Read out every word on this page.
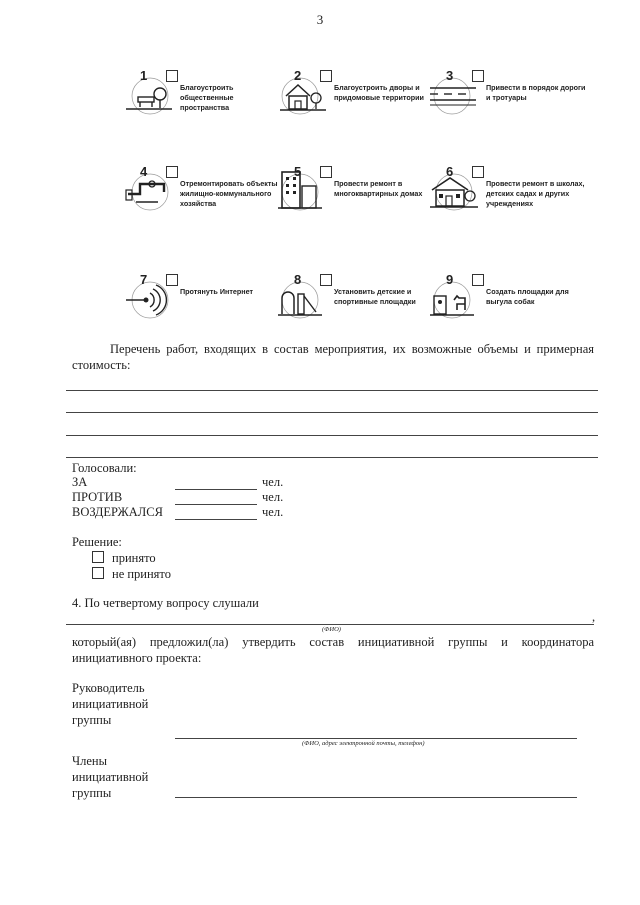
3
1
Благоустроить общественные пространства
2
Благоустроить дворы и придомовые территории
3
Привести в порядок дороги и тротуары
4
Отремонтировать объекты жилищно-коммунального хозяйства
5
Провести ремонт в многоквартирных домах
6
Провести ремонт в школах, детских садах и других учреждениях
7
Протянуть Интернет
8
Установить детские и спортивные площадки
9
Создать площадки для выгула собак
Перечень работ, входящих в состав мероприятия, их возможные объемы и примерная стоимость:
Голосовали:
ЗА	чел.
ПРОТИВ	чел.
ВОЗДЕРЖАЛСЯ	чел.
Решение:
принято
не принято
4. По четвертому вопросу слушали
,
(ФИО)
который(ая) предложил(ла) утвердить состав инициативной группы и координатора инициативного проекта:
Руководитель
инициативной
группы
(ФИО, адрес электронной почты, телефон)
Члены
инициативной
группы
